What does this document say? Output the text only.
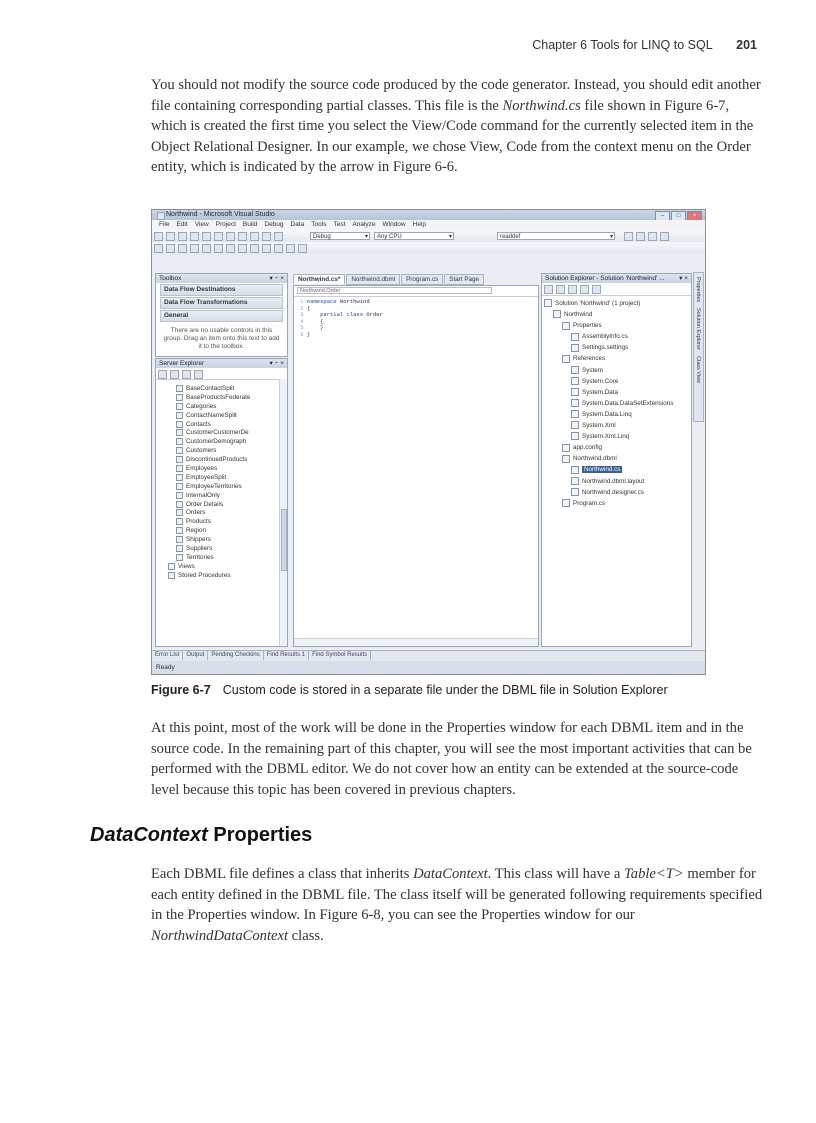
Chapter 6 Tools for LINQ to SQL 201

You should not modify the source code produced by the code generator. Instead, you should edit another file containing corresponding partial classes. This file is the Northwind.cs file shown in Figure 6-7, which is created the first time you select the View/Code command for the currently selected item in the Object Relational Designer. In our example, we chose View, Code from the context menu on the Order entity, which is indicated by the arrow in Figure 6-6.

Northwind - Microsoft Visual Studio	–	□	×
File Edit View Project Build Debug Data Tools Test Analyze Window Help
Debug ▾	Any CPU ▾	readdef ▾
Toolbox	▾ − ×
Data Flow Destinations
Data Flow Transformations
General
There are no usable controls in this group. Drag an item onto this text to add it to the toolbox.
Server Explorer	▾ − ×
BaseContactSplit
BaseProductsFederate
Categories
ContactNameSplit
Contacts
CustomerCustomerDe
CustomerDemograph
Customers
DiscontinuedProducts
Employees
EmployeeSplit
EmployeeTerritories
InternalOnly
Order Details
Orders
Products
Region
Shippers
Suppliers
Territories
Views
Stored Procedures
Northwind.cs* Northwind.dbml Program.cs Start Page
Northwind.Order
1 namespace Northwind
2 {
3     partial class Order
4     {
5     }
6 }
Solution Explorer - Solution 'Northwind' ... ▾ ×
Solution 'Northwind' (1 project)
Northwind
Properties
AssemblyInfo.cs
Settings.settings
References
System
System.Core
System.Data
System.Data.DataSetExtensions
System.Data.Linq
System.Xml
System.Xml.Linq
app.config
Northwind.dbml
Northwind.cs
Northwind.dbml.layout
Northwind.designer.cs
Program.cs
Properties
Solution Explorer
Class View
Error List Output Pending Checkins Find Results 1 Find Symbol Results
Ready
Figure 6-7 Custom code is stored in a separate file under the DBML file in Solution Explorer

At this point, most of the work will be done in the Properties window for each DBML item and in the source code. In the remaining part of this chapter, you will see the most important activities that can be performed with the DBML editor. We do not cover how an entity can be extended at the source-code level because this topic has been covered in previous chapters.

DataContext Properties

Each DBML file defines a class that inherits DataContext. This class will have a Table<T> member for each entity defined in the DBML file. The class itself will be generated following requirements specified in the Properties window. In Figure 6-8, you can see the Properties window for our NorthwindDataContext class.
